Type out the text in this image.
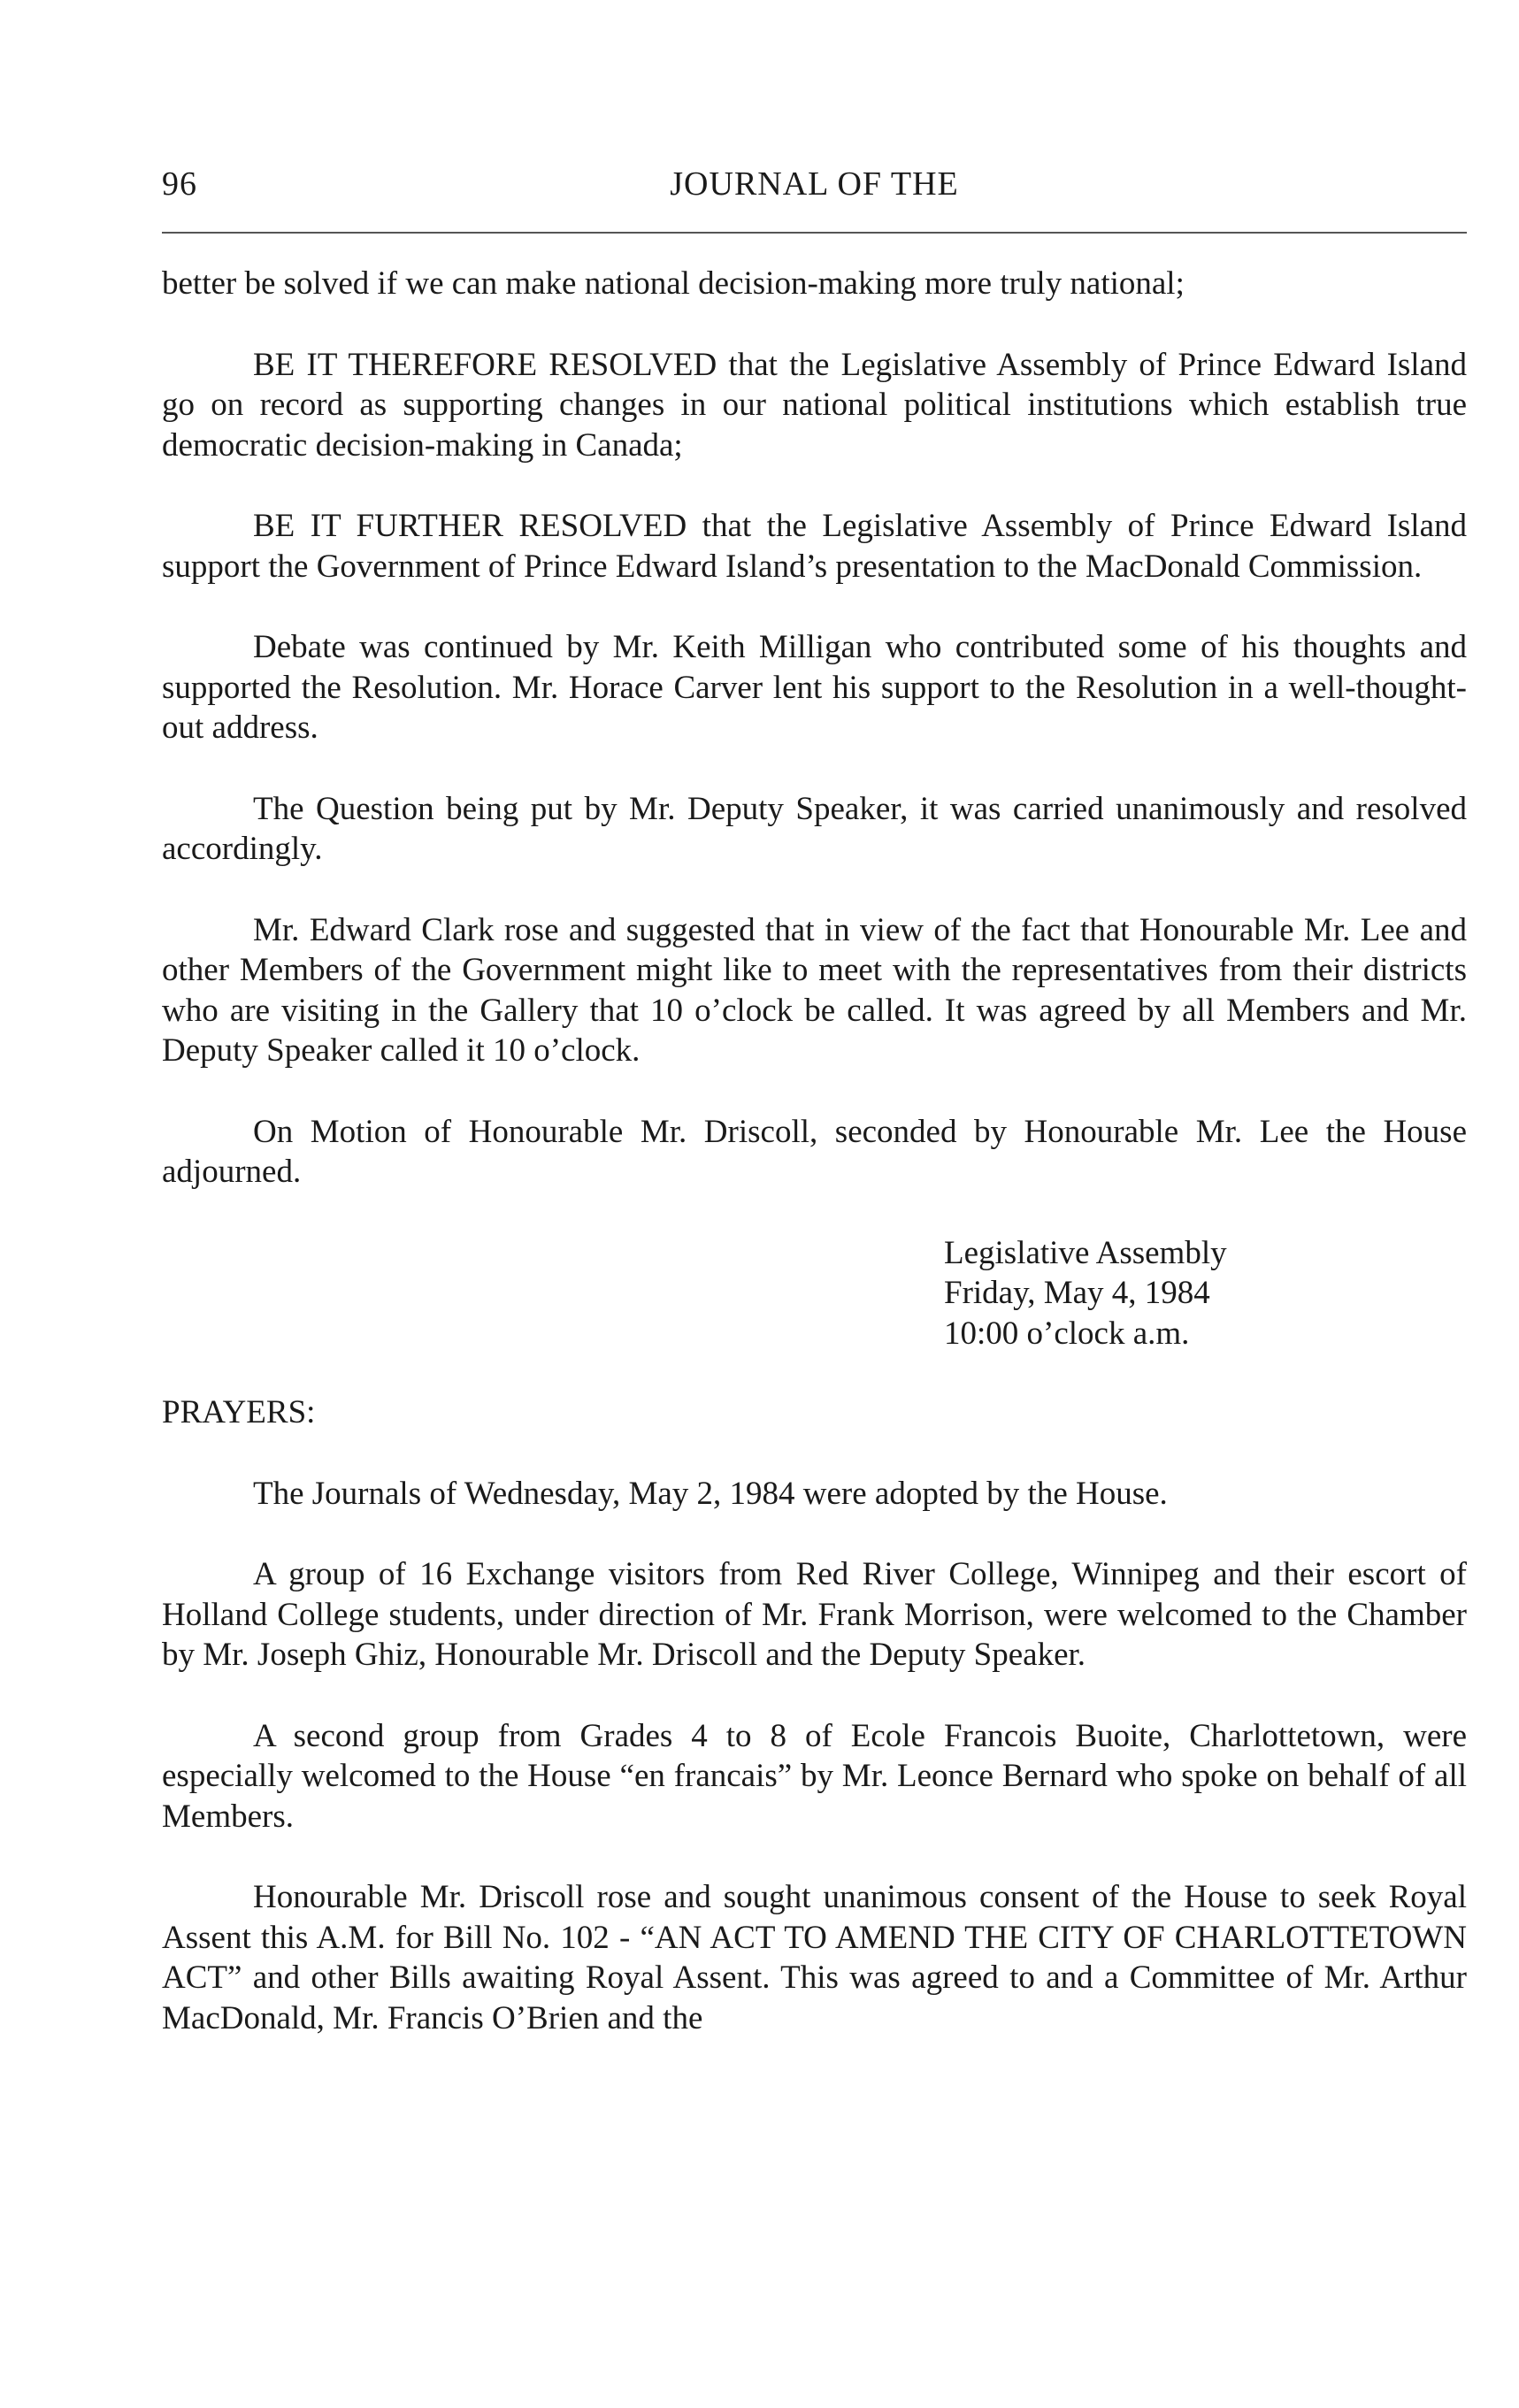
96	JOURNAL OF THE

better be solved if we can make national decision-making more truly national;

BE IT THEREFORE RESOLVED that the Legislative Assembly of Prince Edward Island go on record as supporting changes in our national political institutions which establish true democratic decision-making in Canada;

BE IT FURTHER RESOLVED that the Legislative Assembly of Prince Edward Island support the Government of Prince Edward Island’s presentation to the MacDonald Commission.

Debate was continued by Mr. Keith Milligan who contributed some of his thoughts and supported the Resolution. Mr. Horace Carver lent his support to the Resolution in a well-thought-out address.

The Question being put by Mr. Deputy Speaker, it was carried unanimously and resolved accordingly.

Mr. Edward Clark rose and suggested that in view of the fact that Honourable Mr. Lee and other Members of the Government might like to meet with the representatives from their districts who are visiting in the Gallery that 10 o’clock be called. It was agreed by all Members and Mr. Deputy Speaker called it 10 o’clock.

On Motion of Honourable Mr. Driscoll, seconded by Honourable Mr. Lee the House adjourned.

Legislative Assembly
Friday, May 4, 1984
10:00 o’clock a.m.
PRAYERS:

The Journals of Wednesday, May 2, 1984 were adopted by the House.

A group of 16 Exchange visitors from Red River College, Winnipeg and their escort of Holland College students, under direction of Mr. Frank Morrison, were welcomed to the Chamber by Mr. Joseph Ghiz, Honourable Mr. Driscoll and the Deputy Speaker.

A second group from Grades 4 to 8 of Ecole Francois Buoite, Charlottetown, were especially welcomed to the House “en francais” by Mr. Leonce Bernard who spoke on behalf of all Members.

Honourable Mr. Driscoll rose and sought unanimous consent of the House to seek Royal Assent this A.M. for Bill No. 102 - “AN ACT TO AMEND THE CITY OF CHARLOTTETOWN ACT” and other Bills awaiting Royal Assent. This was agreed to and a Committee of Mr. Arthur MacDonald, Mr. Francis O’Brien and the
